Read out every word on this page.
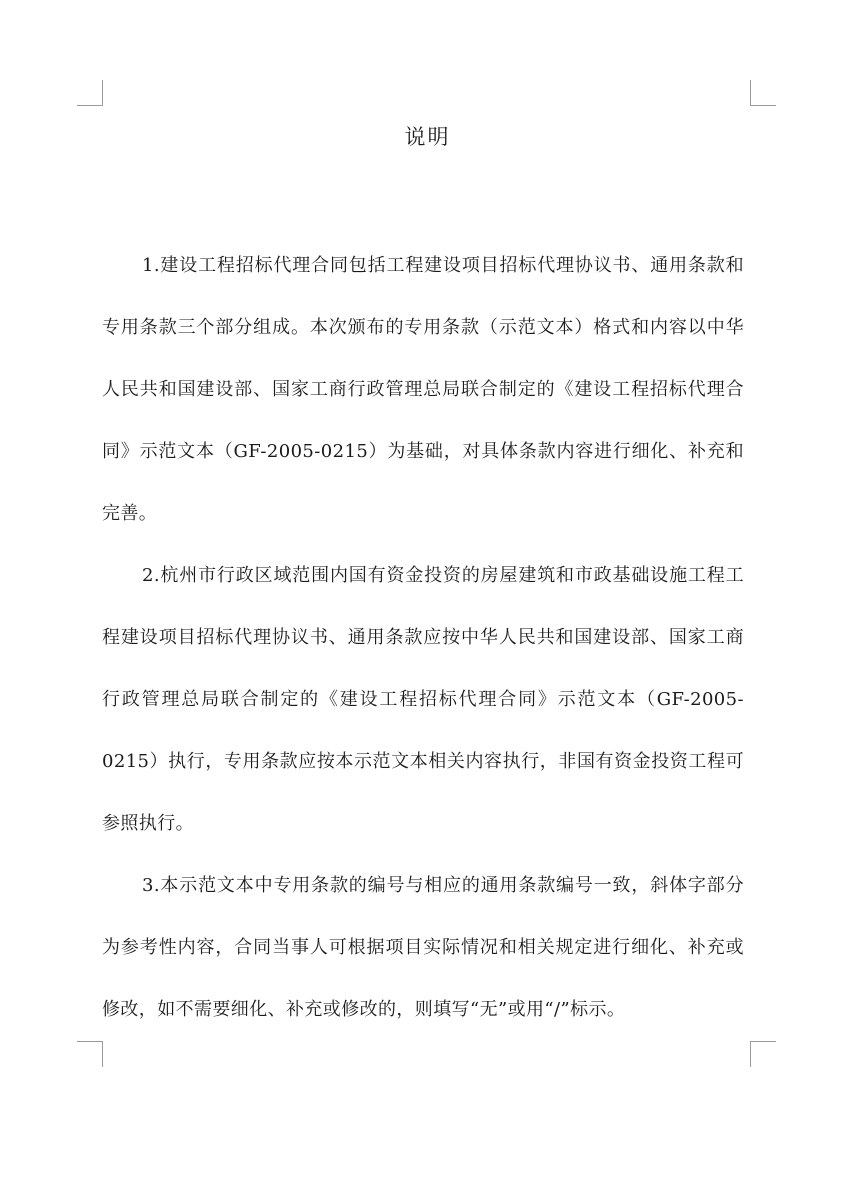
说明

1.建设工程招标代理合同包括工程建设项目招标代理协议书、通用条款和专用条款三个部分组成。本次颁布的专用条款（示范文本）格式和内容以中华人民共和国建设部、国家工商行政管理总局联合制定的《建设工程招标代理合同》示范文本（GF-2005-0215）为基础，对具体条款内容进行细化、补充和完善。

2.杭州市行政区域范围内国有资金投资的房屋建筑和市政基础设施工程工程建设项目招标代理协议书、通用条款应按中华人民共和国建设部、国家工商行政管理总局联合制定的《建设工程招标代理合同》示范文本（GF-2005-0215）执行，专用条款应按本示范文本相关内容执行，非国有资金投资工程可参照执行。

3.本示范文本中专用条款的编号与相应的通用条款编号一致，斜体字部分为参考性内容，合同当事人可根据项目实际情况和相关规定进行细化、补充或修改，如不需要细化、补充或修改的，则填写“无”或用“/”标示。
